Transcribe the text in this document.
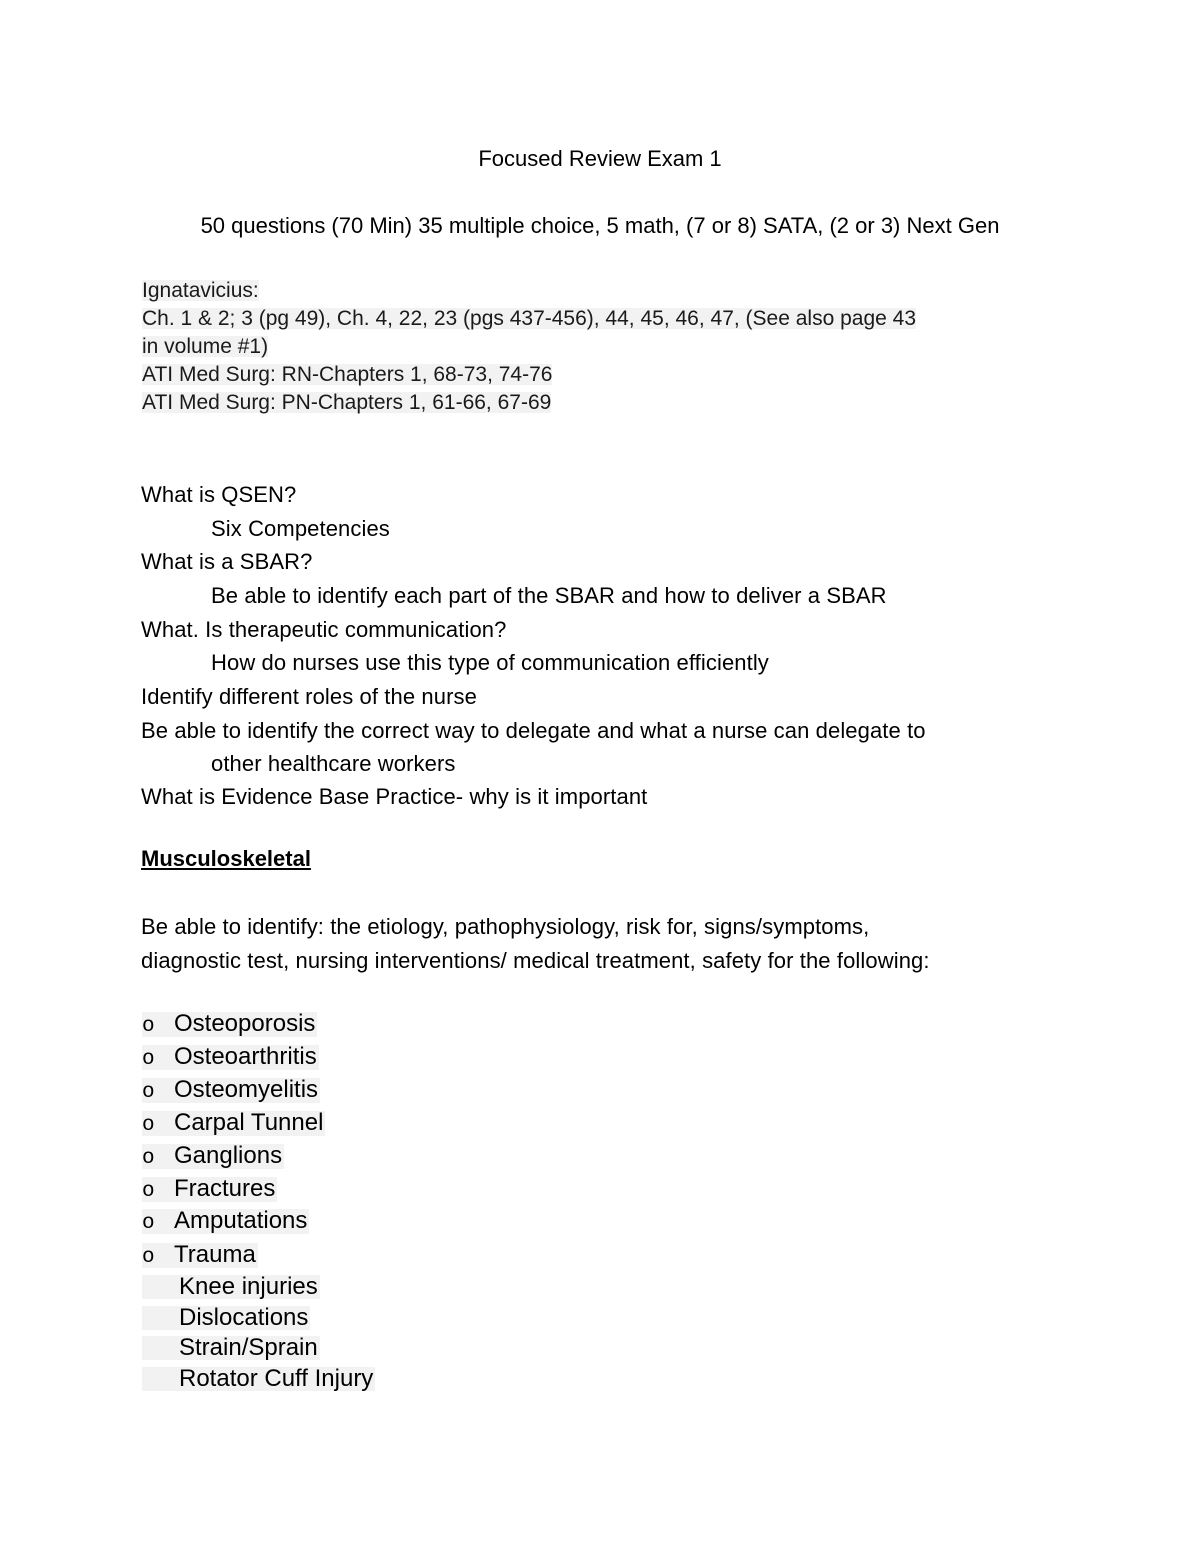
Focused Review Exam 1
50 questions (70 Min) 35 multiple choice, 5 math, (7 or 8) SATA, (2 or 3) Next Gen
Ignatavicius:
Ch. 1 & 2; 3 (pg 49), Ch. 4, 22, 23 (pgs 437-456), 44, 45, 46, 47, (See also page 43
in volume #1)
ATI Med Surg: RN-Chapters 1, 68-73, 74-76
ATI Med Surg: PN-Chapters 1, 61-66, 67-69
What is QSEN?
Six Competencies
What is a SBAR?
Be able to identify each part of the SBAR and how to deliver a SBAR
What. Is therapeutic communication?
How do nurses use this type of communication efficiently
Identify different roles of the nurse
Be able to identify the correct way to delegate and what a nurse can delegate to
other healthcare workers
What is Evidence Base Practice- why is it important
Musculoskeletal
Be able to identify: the etiology, pathophysiology, risk for, signs/symptoms,
diagnostic test, nursing interventions/ medical treatment, safety for the following:
o Osteoporosis
o Osteoarthritis
o Osteomyelitis
o Carpal Tunnel
o Ganglions
o Fractures
o Amputations
o Trauma
Knee injuries
Dislocations
Strain/Sprain
Rotator Cuff Injury
